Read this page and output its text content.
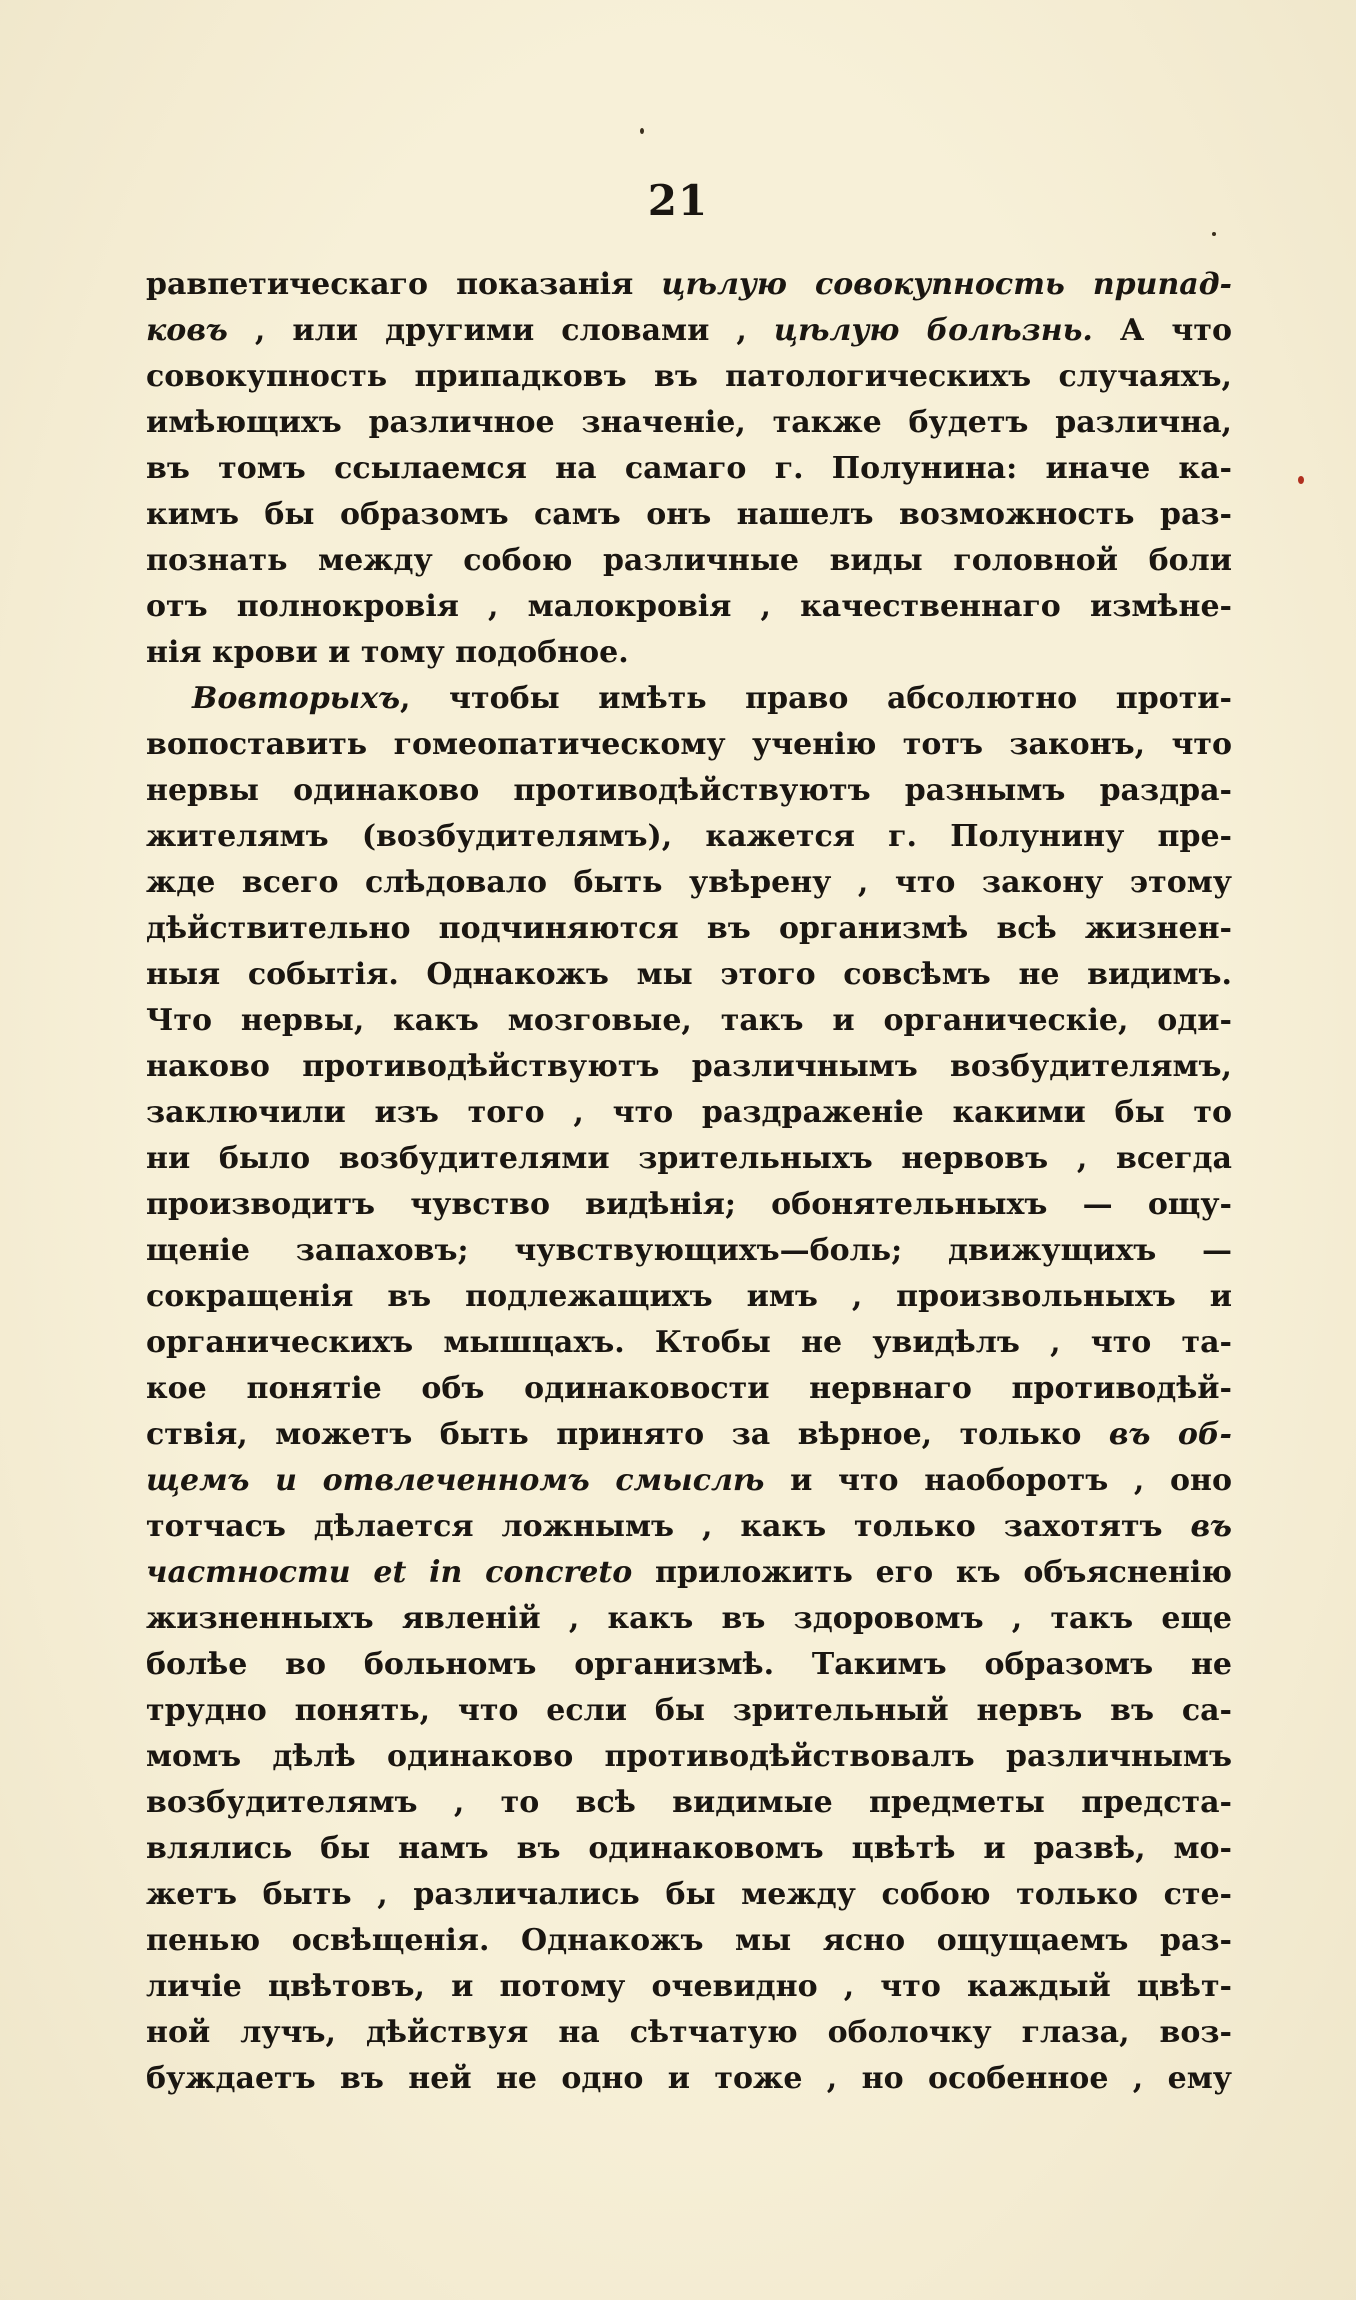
21
равпетическаго показанія цѣлую совокупность припад-
ковъ , или другими словами , цѣлую болѣзнь. А что
совокупность припадковъ въ патологическихъ случаяхъ,
имѣющихъ различное значеніе, также будетъ различна,
въ томъ ссылаемся на самаго г. Полунина: иначе ка-
кимъ бы образомъ самъ онъ нашелъ возможность раз-
познать между собою различные виды головной боли
отъ полнокровія , малокровія , качественнаго измѣне-
нія крови и тому подобное.
Вовторыхъ, чтобы имѣть право абсолютно проти-
вопоставить гомеопатическому ученію тотъ законъ, что
нервы одинаково противодѣйствуютъ разнымъ раздра-
жителямъ (возбудителямъ), кажется г. Полунину пре-
жде всего слѣдовало быть увѣрену , что закону этому
дѣйствительно подчиняются въ организмѣ всѣ жизнен-
ныя событія. Однакожъ мы этого совсѣмъ не видимъ.
Что нервы, какъ мозговые, такъ и органическіе, оди-
наково противодѣйствуютъ различнымъ возбудителямъ,
заключили изъ того , что раздраженіе какими бы то
ни было возбудителями зрительныхъ нервовъ , всегда
производитъ чувство видѣнія; обонятельныхъ — ощу-
щеніе запаховъ; чувствующихъ—боль; движущихъ —
сокращенія въ подлежащихъ имъ , произвольныхъ и
органическихъ мышцахъ. Ктобы не увидѣлъ , что та-
кое понятіе объ одинаковости нервнаго противодѣй-
ствія, можетъ быть принято за вѣрное, только въ об-
щемъ и отвлеченномъ смыслѣ и что наоборотъ , оно
тотчасъ дѣлается ложнымъ , какъ только захотятъ въ
частности et in concreto приложить его къ объясненію
жизненныхъ явленій , какъ въ здоровомъ , такъ еще
болѣе во больномъ организмѣ. Такимъ образомъ не
трудно понять, что если бы зрительный нервъ въ са-
момъ дѣлѣ одинаково противодѣйствовалъ различнымъ
возбудителямъ , то всѣ видимые предметы предста-
влялись бы намъ въ одинаковомъ цвѣтѣ и развѣ, мо-
жетъ быть , различались бы между собою только сте-
пенью освѣщенія. Однакожъ мы ясно ощущаемъ раз-
личіе цвѣтовъ, и потому очевидно , что каждый цвѣт-
ной лучъ, дѣйствуя на сѣтчатую оболочку глаза, воз-
буждаетъ въ ней не одно и тоже , но особенное , ему
